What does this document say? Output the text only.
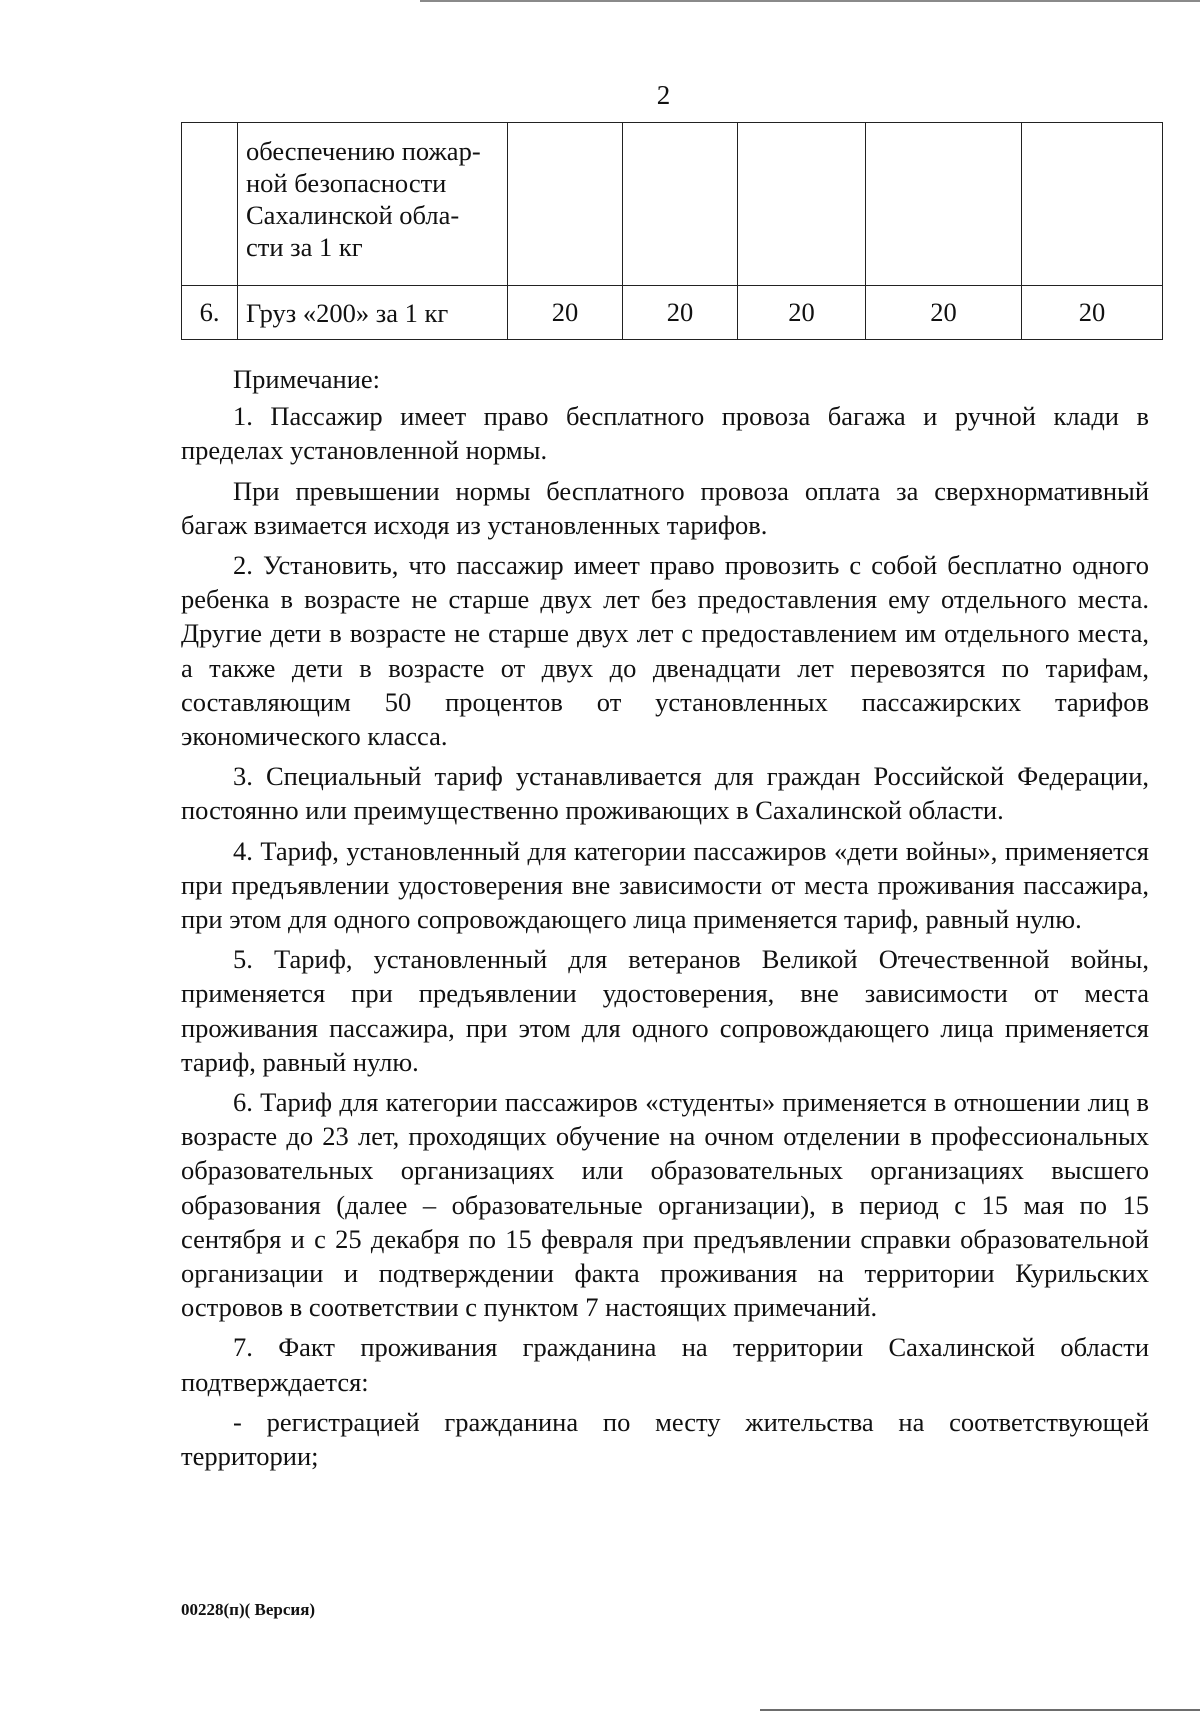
2
	обеспечению пожар-
ной безопасности
Сахалинской обла-
сти за 1 кг					
6.	Груз «200» за 1 кг	20	20	20	20	20

Примечание:

1. Пассажир имеет право бесплатного провоза багажа и ручной клади в пределах установленной нормы.

При превышении нормы бесплатного провоза оплата за сверхнормативный багаж взимается исходя из установленных тарифов.

2. Установить, что пассажир имеет право провозить с собой бесплатно одного ребенка в возрасте не старше двух лет без предоставления ему отдельного места. Другие дети в возрасте не старше двух лет с предоставлением им отдельного места, а также дети в возрасте от двух до двенадцати лет перевозятся по тарифам, составляющим 50 процентов от установленных пассажирских тарифов экономического класса.

3. Специальный тариф устанавливается для граждан Российской Федерации, постоянно или преимущественно проживающих в Сахалинской области.

4. Тариф, установленный для категории пассажиров «дети войны», применяется при предъявлении удостоверения вне зависимости от места проживания пассажира, при этом для одного сопровождающего лица применяется тариф, равный нулю.

5. Тариф, установленный для ветеранов Великой Отечественной войны, применяется при предъявлении удостоверения, вне зависимости от места проживания пассажира, при этом для одного сопровождающего лица применяется тариф, равный нулю.

6. Тариф для категории пассажиров «студенты» применяется в отношении лиц в возрасте до 23 лет, проходящих обучение на очном отделении в профессиональных образовательных организациях или образовательных организациях высшего образования (далее – образовательные организации), в период с 15 мая по 15 сентября и с 25 декабря по 15 февраля при предъявлении справки образовательной организации и подтверждении факта проживания на территории Курильских островов в соответствии с пунктом 7 настоящих примечаний.

7. Факт проживания гражданина на территории Сахалинской области подтверждается:

- регистрацией гражданина по месту жительства на соответствующей территории;

00228(п)( Версия)
